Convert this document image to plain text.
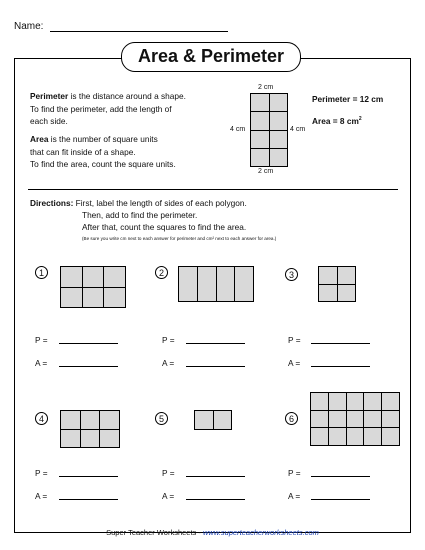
Name:
Area & Perimeter
Perimeter is the distance around a shape.
To find the perimeter, add the length of
each side.
Area is the number of square units
that can fit inside of a shape.
To find the area, count the square units.
2 cm
4 cm	4 cm
2 cm
Perimeter = 12 cm
Area = 8 $cm^2$
Directions: First, label the length of sides of each polygon.
Then, add to find the perimeter.
After that, count the squares to find the area.
(Be sure you write cm next to each answer for perimeter and cm² next to each answer for area.)
1
P =
A =
2
P =
A =
3
P =
A =
4
P =
A =
5
P =
A =
6
P =
A =
Super Teacher Worksheets - www.superteacherworksheets.com
